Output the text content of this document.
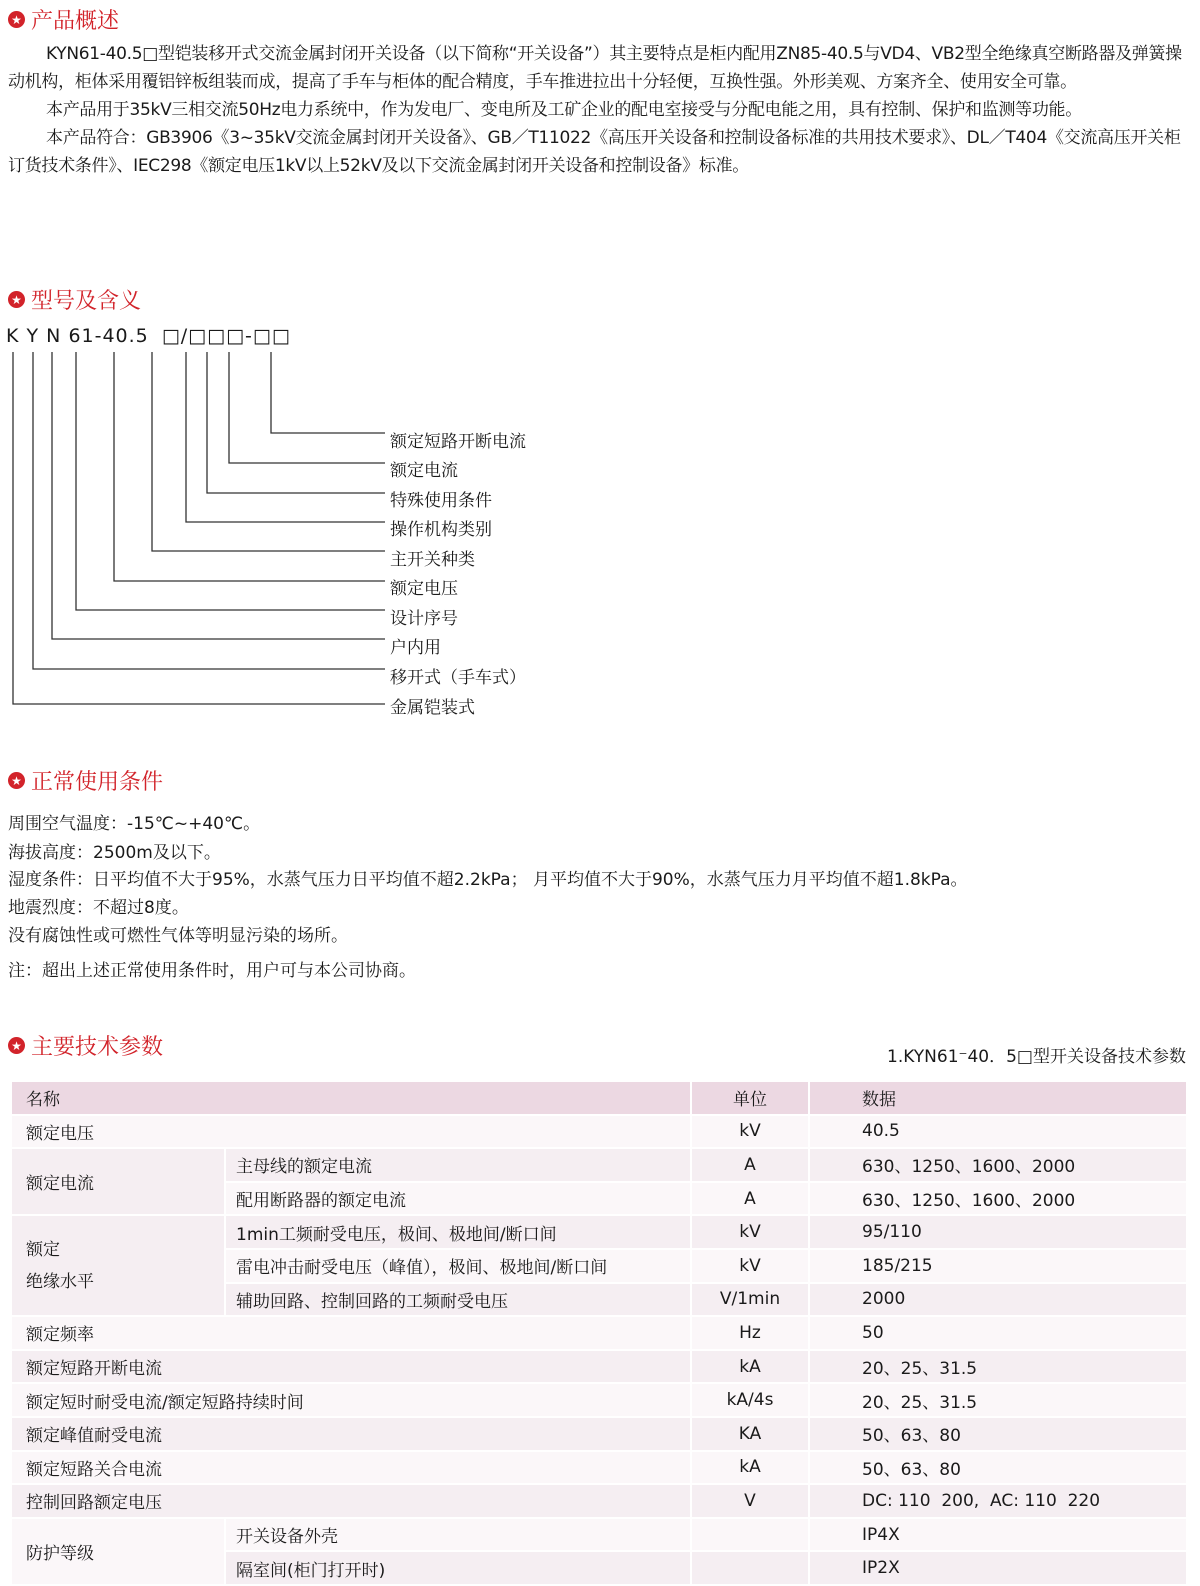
★ 产品概述

KYN61-40.5□型铠装移开式交流金属封闭开关设备（以下简称“开关设备”）其主要特点是柜内配用ZN85-40.5与VD4、VB2型全绝缘真空断路器及弹簧操动机构，柜体采用覆铝锌板组装而成，提高了手车与柜体的配合精度，手车推进拉出十分轻便，互换性强。外形美观、方案齐全、使用安全可靠。

本产品用于35kV三相交流50Hz电力系统中，作为发电厂、变电所及工矿企业的配电室接受与分配电能之用，具有控制、保护和监测等功能。

本产品符合：GB3906《3~35kV交流金属封闭开关设备》、GB／T11022《高压开关设备和控制设备标准的共用技术要求》、DL／T404《交流高压开关柜订货技术条件》、IEC298《额定电压1kV以上52kV及以下交流金属封闭开关设备和控制设备》标准。

★ 型号及含义
K Y N 61-40.5 □/□□□-□□
额定短路开断电流
额定电流
特殊使用条件
操作机构类别
主开关种类
额定电压
设计序号
户内用
移开式（手车式）
金属铠装式
★ 正常使用条件
周围空气温度：-15℃~+40℃。
海拔高度：2500m及以下。
湿度条件：日平均值不大于95%，水蒸气压力日平均值不超2.2kPa； 月平均值不大于90%，水蒸气压力月平均值不超1.8kPa。
地震烈度：不超过8度。
没有腐蚀性或可燃性气体等明显污染的场所。
注：超出上述正常使用条件时，用户可与本公司协商。
★ 主要技术参数	1.KYN61⁻40．5□型开关设备技术参数
名称		单位	数据
额定电压		kV	40.5
额定电流	主母线的额定电流	A	630、1250、1600、2000
	配用断路器的额定电流	A	630、1250、1600、2000

额定
绝缘水平	1min工频耐受电压，极间、极地间/断口间	kV	95/110
	雷电冲击耐受电压（峰值），极间、极地间/断口间	kV	185/215
	辅助回路、控制回路的工频耐受电压	V/1min	2000
额定频率		Hz	50
额定短路开断电流		kA	20、25、31.5
额定短时耐受电流/额定短路持续时间		kA/4s	20、25、31.5
额定峰值耐受电流		KA	50、63、80
额定短路关合电流		kA	50、63、80
控制回路额定电压		V	DC: 110  200,  AC: 110  220
防护等级	开关设备外壳		IP4X
	隔室间(柜门打开时)		IP2X
